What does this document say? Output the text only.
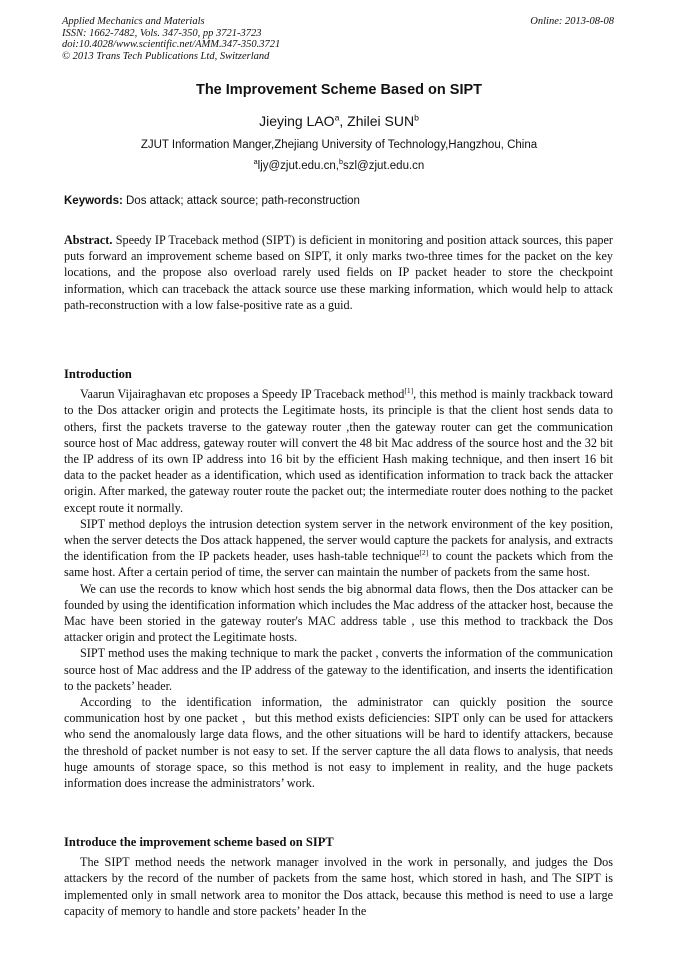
Applied Mechanics and Materials
ISSN: 1662-7482, Vols. 347-350, pp 3721-3723
doi:10.4028/www.scientific.net/AMM.347-350.3721
© 2013 Trans Tech Publications Ltd, Switzerland
Online: 2013-08-08
The Improvement Scheme Based on SIPT
Jieying LAO$^a$, Zhilei SUN$^b$
ZJUT Information Manger,Zhejiang University of Technology,Hangzhou, China
$^a$ljy@zjut.edu.cn,$^b$szl@zjut.edu.cn
Keywords: Dos attack; attack source; path-reconstruction

Abstract. Speedy IP Traceback method (SIPT) is deficient in monitoring and position attack sources, this paper puts forward an improvement scheme based on SIPT, it only marks two-three times for the packet on the key locations, and the propose also overload rarely used fields on IP packet header to store the checkpoint information, which can traceback the attack source use these marking information, which would help to attack path-reconstruction with a low false-positive rate as a guid.

Introduction

Vaarun Vijairaghavan etc proposes a Speedy IP Traceback method[1], this method is mainly trackback toward to the Dos attacker origin and protects the Legitimate hosts, its principle is that the client host sends data to others, first the packets traverse to the gateway router ,then the gateway router can get the communication source host of Mac address, gateway router will convert the 48 bit Mac address of the source host and the 32 bit the IP address of its own IP address into 16 bit by the efficient Hash making technique, and then insert 16 bit data to the packet header as a identification, which used as identification information to track back the attacker origin. After marked, the gateway router route the packet out; the intermediate router does nothing to the packet except route it normally.

SIPT method deploys the intrusion detection system server in the network environment of the key position, when the server detects the Dos attack happened, the server would capture the packets for analysis, and extracts the identification from the IP packets header, uses hash-table technique[2] to count the packets which from the same host. After a certain period of time, the server can maintain the number of packets from the same host.

We can use the records to know which host sends the big abnormal data flows, then the Dos attacker can be founded by using the identification information which includes the Mac address of the attacker host, because the Mac have been storied in the gateway router's MAC address table , use this method to trackback the Dos attacker origin and protect the Legitimate hosts.

SIPT method uses the making technique to mark the packet , converts the information of the communication source host of Mac address and the IP address of the gateway to the identification, and inserts the identification to the packets’ header.

According to the identification information, the administrator can quickly position the source communication host by one packet ，but this method exists deficiencies: SIPT only can be used for attackers who send the anomalously large data flows, and the other situations will be hard to identify attackers, because the threshold of packet number is not easy to set. If the server capture the all data flows to analysis, that needs huge amounts of storage space, so this method is not easy to implement in reality, and the huge packets information does increase the administrators’ work.

Introduce the improvement scheme based on SIPT

The SIPT method needs the network manager involved in the work in personally, and judges the Dos attackers by the record of the number of packets from the same host, which stored in hash, and The SIPT is implemented only in small network area to monitor the Dos attack, because this method is need to use a large capacity of memory to handle and store packets’ header In the
